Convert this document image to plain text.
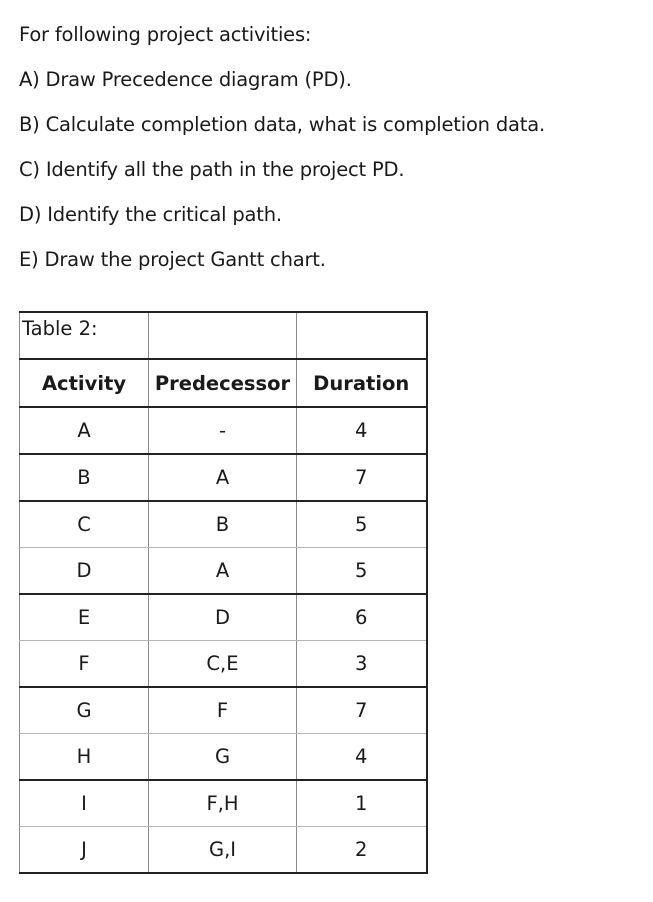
For following project activities:
A) Draw Precedence diagram (PD).
B) Calculate completion data, what is completion data.
C) Identify all the path in the project PD.
D) Identify the critical path.
E) Draw the project Gantt chart.
Table 2:		
Activity	Predecessor	Duration
A	-	4
B	A	7
C	B	5
D	A	5
E	D	6
F	C,E	3
G	F	7
H	G	4
I	F,H	1
J	G,I	2
